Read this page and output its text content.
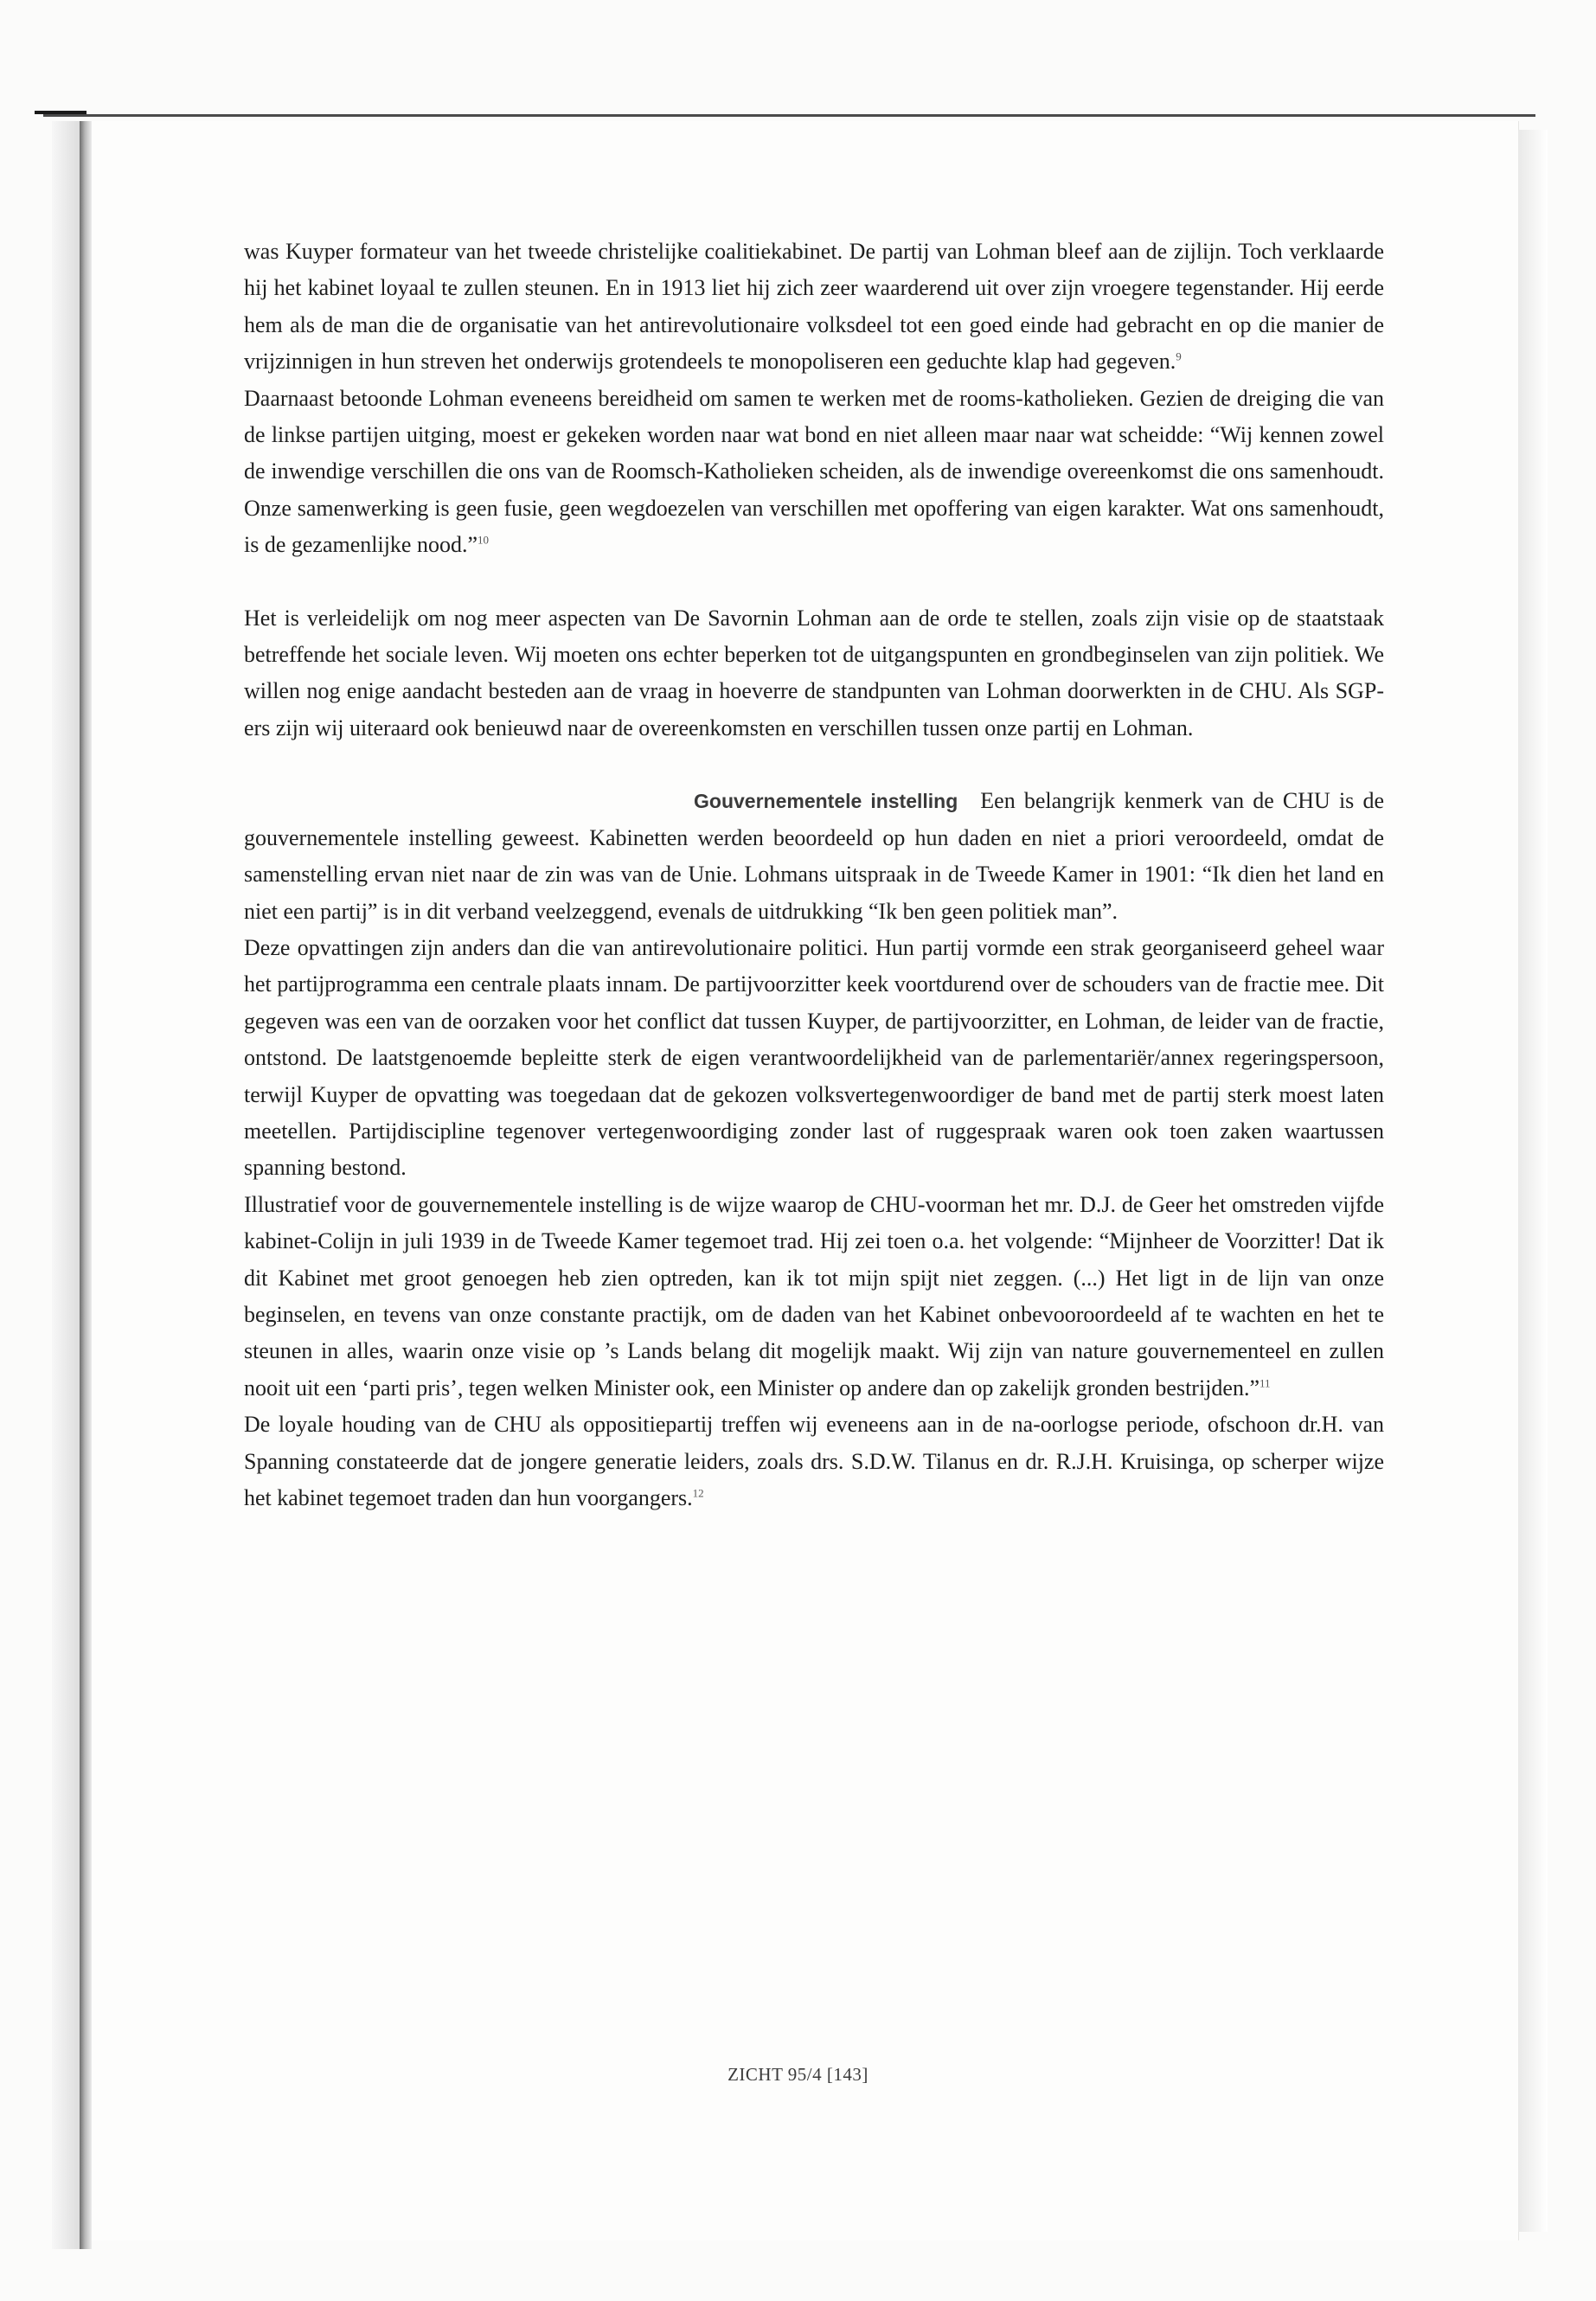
was Kuyper formateur van het tweede christelijke coalitiekabinet. De partij van Lohman bleef aan de zijlijn. Toch verklaarde hij het kabinet loyaal te zullen steunen. En in 1913 liet hij zich zeer waarderend uit over zijn vroegere tegenstander. Hij eerde hem als de man die de organisatie van het antirevolutionaire volksdeel tot een goed einde had gebracht en op die manier de vrijzinnigen in hun streven het onderwijs grotendeels te monopoliseren een geduchte klap had gegeven.$^9$

Daarnaast betoonde Lohman eveneens bereidheid om samen te werken met de rooms-katholieken. Gezien de dreiging die van de linkse partijen uitging, moest er gekeken worden naar wat bond en niet alleen maar naar wat scheidde: “Wij kennen zowel de inwendige verschillen die ons van de Roomsch-Katholieken scheiden, als de inwendige overeenkomst die ons samenhoudt. Onze samenwerking is geen fusie, geen wegdoezelen van verschillen met opoffering van eigen karakter. Wat ons samenhoudt, is de gezamenlijke nood.”$^{10}$

Het is verleidelijk om nog meer aspecten van De Savornin Lohman aan de orde te stellen, zoals zijn visie op de staatstaak betreffende het sociale leven. Wij moeten ons echter beperken tot de uitgangspunten en grondbeginselen van zijn politiek. We willen nog enige aandacht besteden aan de vraag in hoeverre de standpunten van Lohman doorwerkten in de CHU. Als SGP-ers zijn wij uiteraard ook benieuwd naar de overeenkomsten en verschillen tussen onze partij en Lohman.

Gouvernementele instelling Een belangrijk kenmerk van de CHU is de gouvernementele instelling geweest. Kabinetten werden beoordeeld op hun daden en niet a priori veroordeeld, omdat de samenstelling ervan niet naar de zin was van de Unie. Lohmans uitspraak in de Tweede Kamer in 1901: “Ik dien het land en niet een partij” is in dit verband veelzeggend, evenals de uitdrukking “Ik ben geen politiek man”.

Deze opvattingen zijn anders dan die van antirevolutionaire politici. Hun partij vormde een strak georganiseerd geheel waar het partijprogramma een centrale plaats innam. De partijvoorzitter keek voortdurend over de schouders van de fractie mee. Dit gegeven was een van de oorzaken voor het conflict dat tussen Kuyper, de partijvoorzitter, en Lohman, de leider van de fractie, ontstond. De laatstgenoemde bepleitte sterk de eigen verantwoordelijkheid van de parlementariër/annex regeringspersoon, terwijl Kuyper de opvatting was toegedaan dat de gekozen volksvertegenwoordiger de band met de partij sterk moest laten meetellen. Partijdiscipline tegenover vertegenwoordiging zonder last of ruggespraak waren ook toen zaken waartussen spanning bestond.

Illustratief voor de gouvernementele instelling is de wijze waarop de CHU-voorman het mr. D.J. de Geer het omstreden vijfde kabinet-Colijn in juli 1939 in de Tweede Kamer tegemoet trad. Hij zei toen o.a. het volgende: “Mijnheer de Voorzitter! Dat ik dit Kabinet met groot genoegen heb zien optreden, kan ik tot mijn spijt niet zeggen. (...) Het ligt in de lijn van onze beginselen, en tevens van onze constante practijk, om de daden van het Kabinet onbevooroordeeld af te wachten en het te steunen in alles, waarin onze visie op ’s Lands belang dit mogelijk maakt. Wij zijn van nature gouvernementeel en zullen nooit uit een ‘parti pris’, tegen welken Minister ook, een Minister op andere dan op zakelijk gronden bestrijden.”$^{11}$

De loyale houding van de CHU als oppositiepartij treffen wij eveneens aan in de na-oorlogse periode, ofschoon dr.H. van Spanning constateerde dat de jongere generatie leiders, zoals drs. S.D.W. Tilanus en dr. R.J.H. Kruisinga, op scherper wijze het kabinet tegemoet traden dan hun voorgangers.$^{12}$

ZICHT 95/4 [143]
